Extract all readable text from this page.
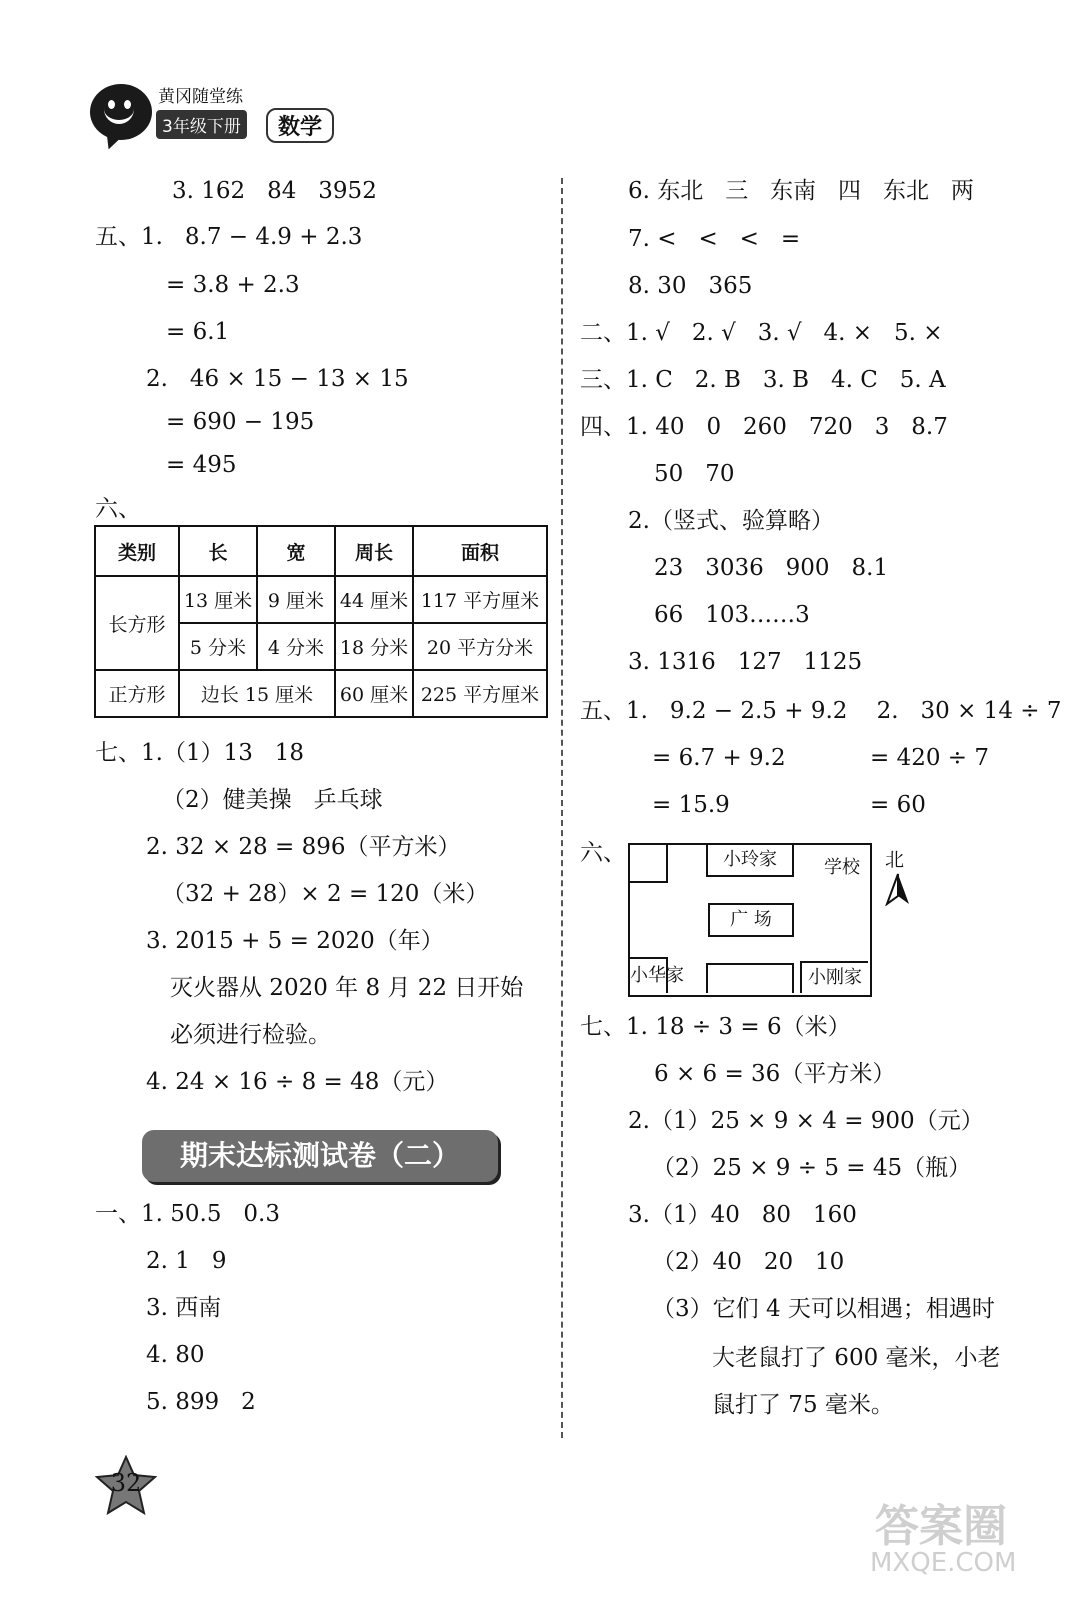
黄冈随堂练
3年级下册	数学
3. 162   84   3952
五、1.   8.7 − 4.9 + 2.3
= 3.8 + 2.3
= 6.1
2.   46 × 15 − 13 × 15
= 690 − 195
= 495
六、
类别	长	宽	周长	面积
长方形	13 厘米	9 厘米	44 厘米	117 平方厘米
	5 分米	4 分米	18 分米	20 平方分米
正方形	边长 15 厘米		60 厘米	225 平方厘米
七、1.（1）13   18
（2）健美操   乒乓球
2. 32 × 28 = 896（平方米）
（32 + 28）× 2 = 120（米）
3. 2015 + 5 = 2020（年）
灭火器从 2020 年 8 月 22 日开始
必须进行检验。
4. 24 × 16 ÷ 8 = 48（元）
期末达标测试卷（二）
一、1. 50.5   0.3
2. 1   9
3. 西南
4. 80
5. 899   2
32
6. 东北   三   东南   四   东北   两
7. <   <   <   =
8. 30   365
二、1. √   2. √   3. √   4. ×   5. ×
三、1. C   2. B   3. B   4. C   5. A
四、1. 40   0   260   720   3   8.7
50   70
2.（竖式、验算略）
23   3036   900   8.1
66   103……3
3. 1316   127   1125
五、1.   9.2 − 2.5 + 9.2    2.   30 × 14 ÷ 7
= 6.7 + 9.2	= 420 ÷ 7
= 15.9	= 60
六、	小玲家	学校
广 场
小华家	小刚家
北
七、1. 18 ÷ 3 = 6（米）
6 × 6 = 36（平方米）
2.（1）25 × 9 × 4 = 900（元）
（2）25 × 9 ÷ 5 = 45（瓶）
3.（1）40   80   160
（2）40   20   10
（3）它们 4 天可以相遇；相遇时
大老鼠打了 600 毫米，小老
鼠打了 75 毫米。
答案圈
MXQE.COM
